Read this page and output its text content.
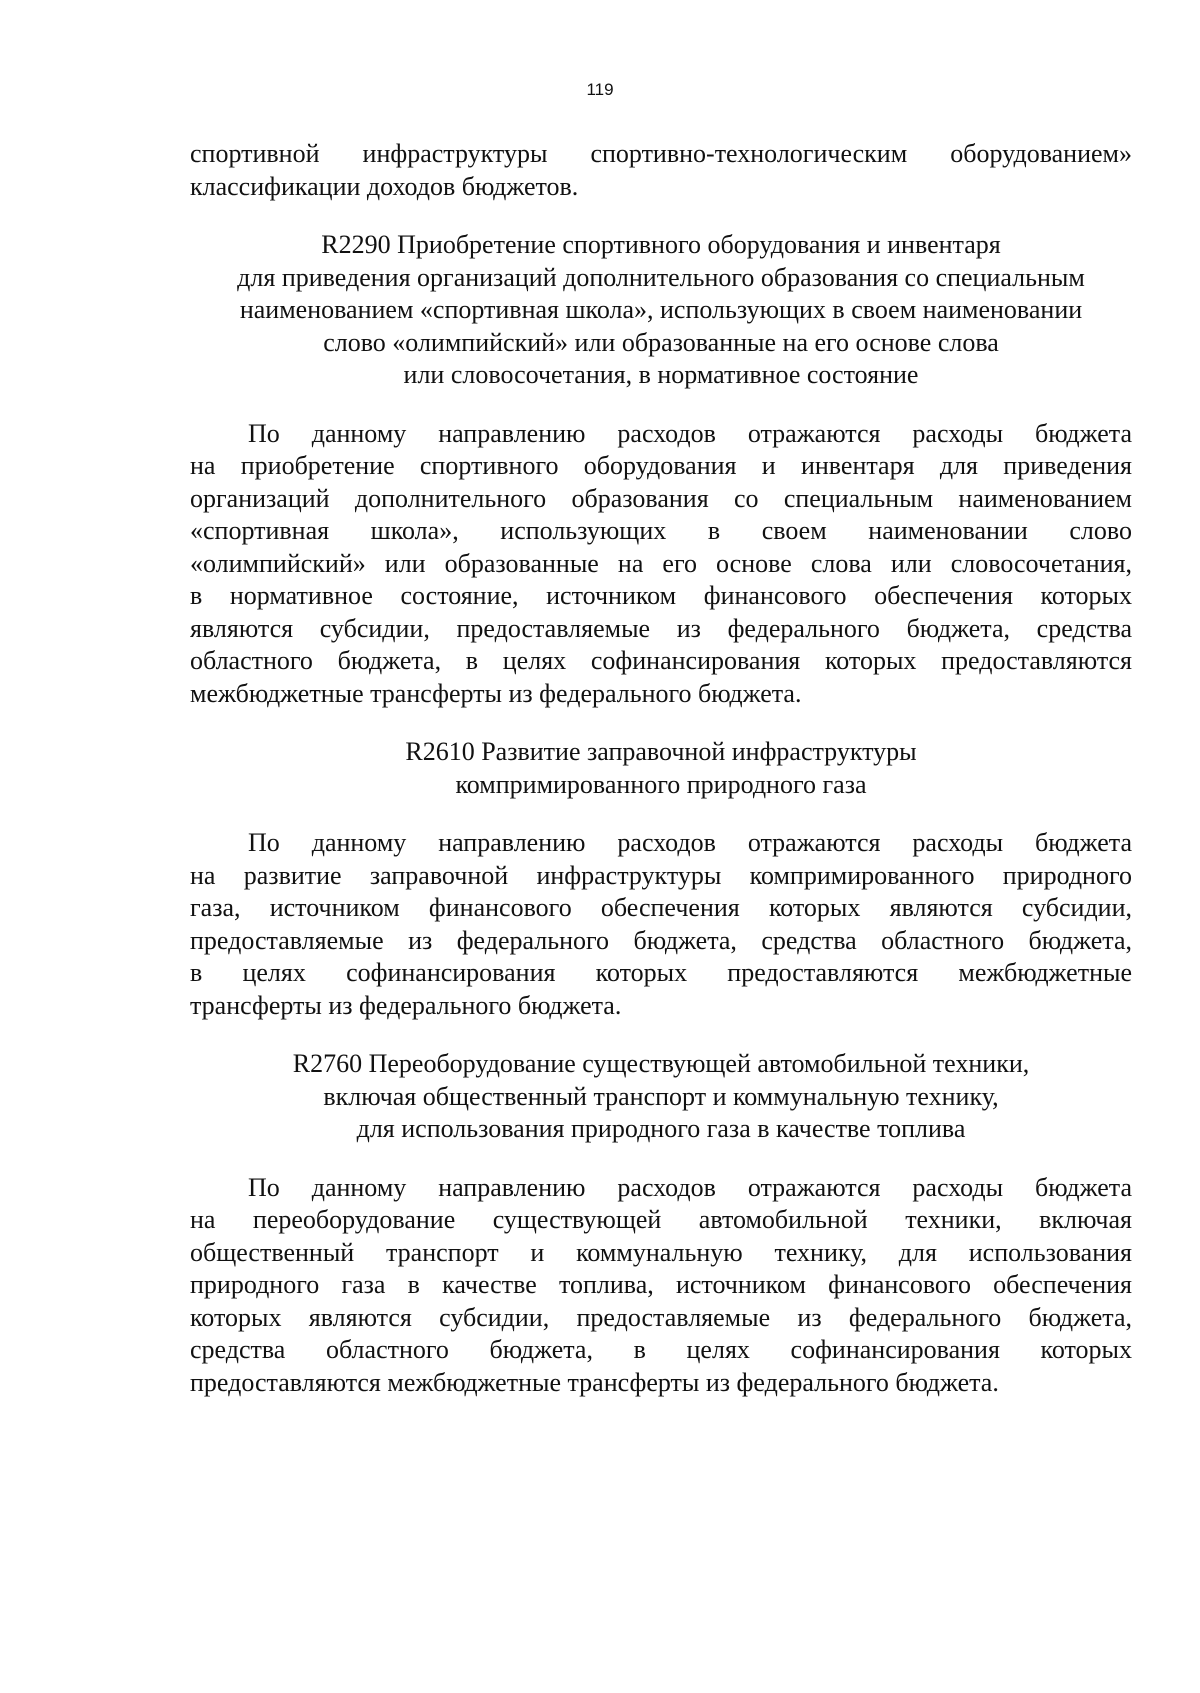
119
спортивной инфраструктуры спортивно-технологическим оборудованием»
классификации доходов бюджетов.
R2290 Приобретение спортивного оборудования и инвентаря
для приведения организаций дополнительного образования со специальным
наименованием «спортивная школа», использующих в своем наименовании
слово «олимпийский» или образованные на его основе слова
или словосочетания, в нормативное состояние
По данному направлению расходов отражаются расходы бюджета
на приобретение спортивного оборудования и инвентаря для приведения
организаций дополнительного образования со специальным наименованием
«спортивная школа», использующих в своем наименовании слово
«олимпийский» или образованные на его основе слова или словосочетания,
в нормативное состояние, источником финансового обеспечения которых
являются субсидии, предоставляемые из федерального бюджета, средства
областного бюджета, в целях софинансирования которых предоставляются
межбюджетные трансферты из федерального бюджета.
R2610 Развитие заправочной инфраструктуры
компримированного природного газа
По данному направлению расходов отражаются расходы бюджета
на развитие заправочной инфраструктуры компримированного природного
газа, источником финансового обеспечения которых являются субсидии,
предоставляемые из федерального бюджета, средства областного бюджета,
в целях софинансирования которых предоставляются межбюджетные
трансферты из федерального бюджета.
R2760 Переоборудование существующей автомобильной техники,
включая общественный транспорт и коммунальную технику,
для использования природного газа в качестве топлива
По данному направлению расходов отражаются расходы бюджета
на переоборудование существующей автомобильной техники, включая
общественный транспорт и коммунальную технику, для использования
природного газа в качестве топлива, источником финансового обеспечения
которых являются субсидии, предоставляемые из федерального бюджета,
средства областного бюджета, в целях софинансирования которых
предоставляются межбюджетные трансферты из федерального бюджета.
